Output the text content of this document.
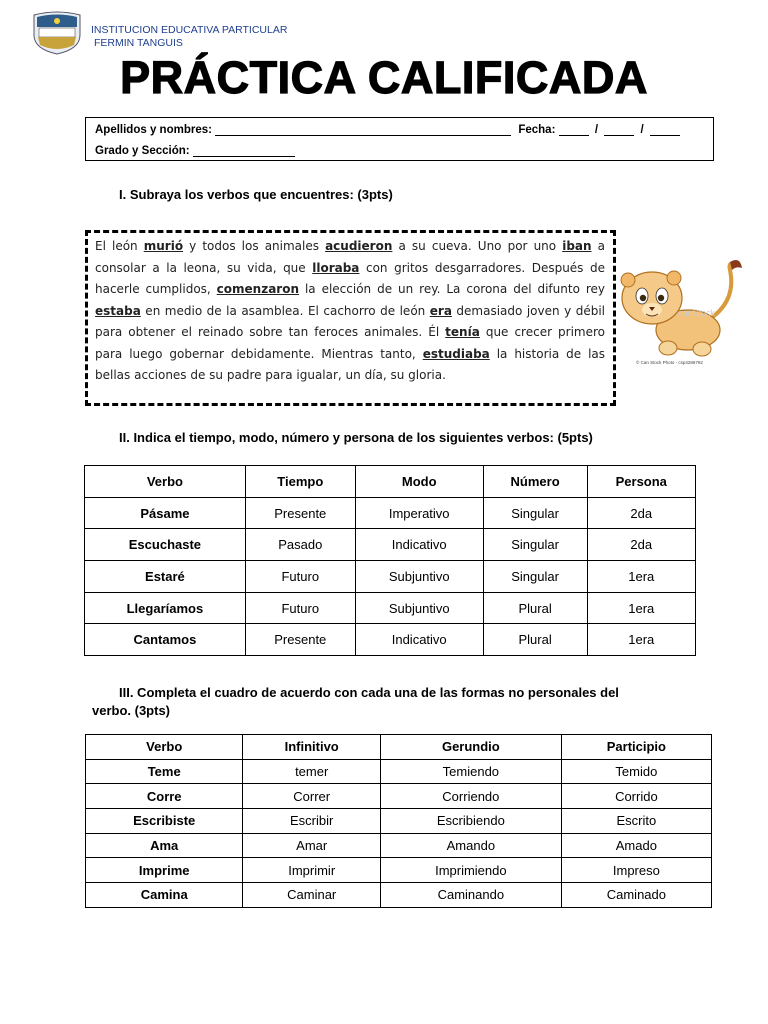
INSTITUCION EDUCATIVA PARTICULAR
FERMIN TANGUIS
PRÁCTICA CALIFICADA
Apellidos y nombres:	Fecha:	/	/
Grado y Sección:
I. Subraya los verbos que encuentres: (3pts)
El león murió y todos los animales acudieron a su cueva. Uno por uno iban a consolar a la leona, su vida, que lloraba con gritos desgarradores. Después de hacerle cumplidos, comenzaron la elección de un rey. La corona del difunto rey estaba en medio de la asamblea. El cachorro de león era demasiado joven y débil para obtener el reinado sobre tan feroces animales. Él tenía que crecer primero para luego gobernar debidamente. Mientras tanto, estudiaba la historia de las bellas acciones de su padre para igualar, un día, su gloria.
canStock
© Can Stock Photo - csp4286792
II. Indica el tiempo, modo, número y persona de los siguientes verbos: (5pts)
Verbo	Tiempo	Modo	Número	Persona
Pásame	Presente	Imperativo	Singular	2da
Escuchaste	Pasado	Indicativo	Singular	2da
Estaré	Futuro	Subjuntivo	Singular	1era
Llegaríamos	Futuro	Subjuntivo	Plural	1era
Cantamos	Presente	Indicativo	Plural	1era
III. Completa el cuadro de acuerdo con cada una de las formas no personales del
verbo. (3pts)
Verbo	Infinitivo	Gerundio	Participio
Teme	temer	Temiendo	Temido
Corre	Correr	Corriendo	Corrido
Escribiste	Escribir	Escribiendo	Escrito
Ama	Amar	Amando	Amado
Imprime	Imprimir	Imprimiendo	Impreso
Camina	Caminar	Caminando	Caminado
